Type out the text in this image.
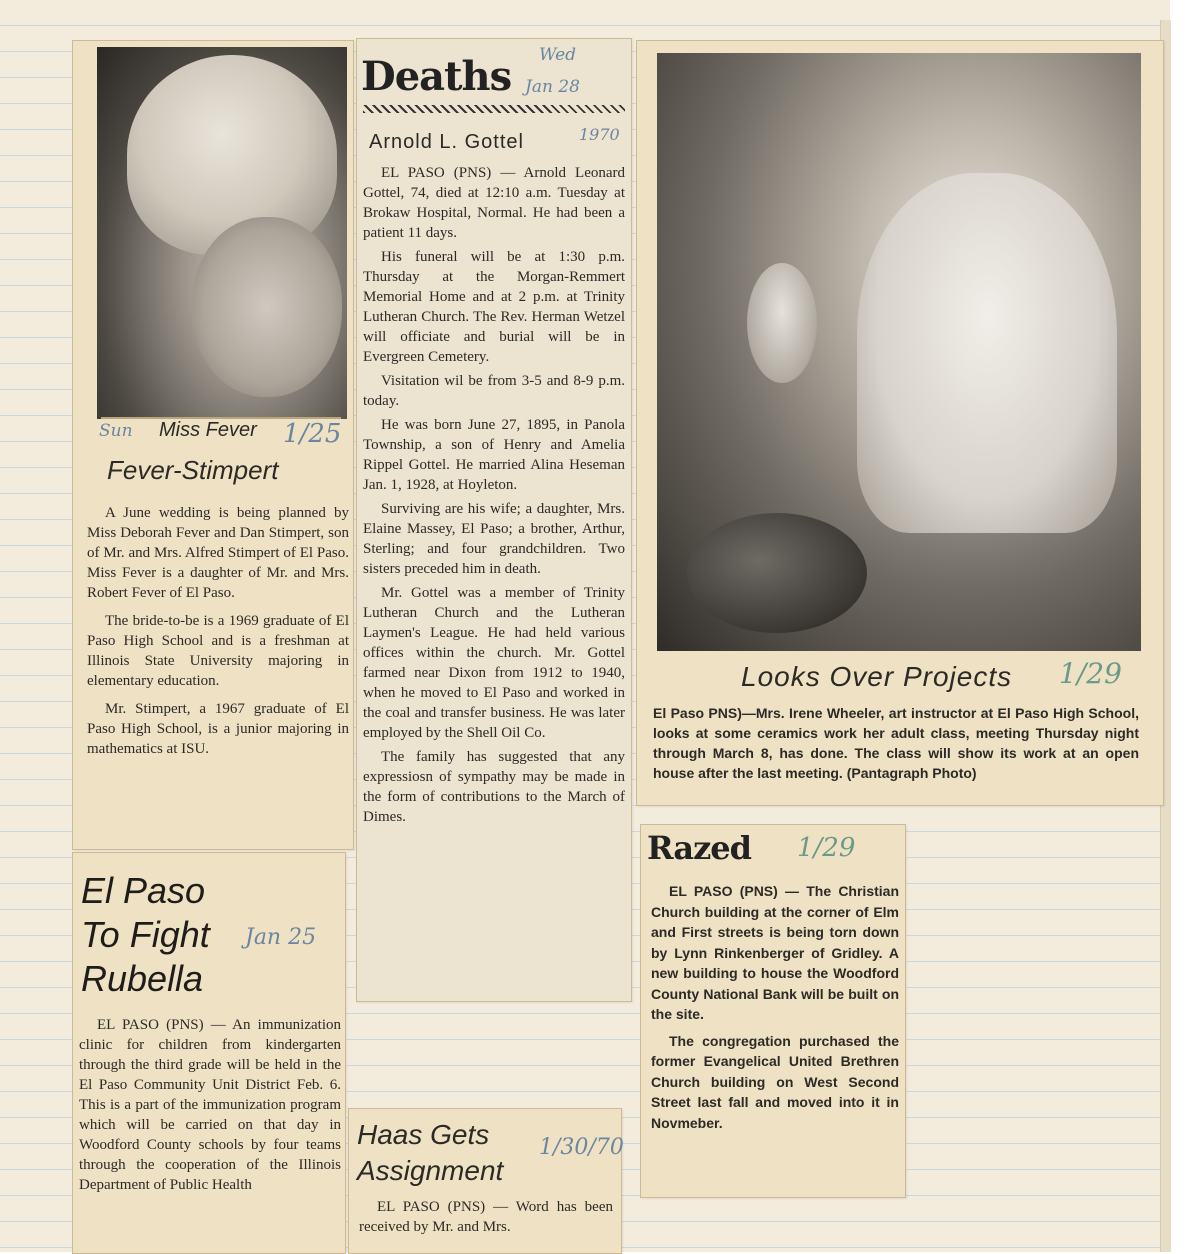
Sun Miss Fever 1/25
Fever-Stimpert

A June wedding is being planned by Miss Deborah Fever and Dan Stimpert, son of Mr. and Mrs. Alfred Stimpert of El Paso. Miss Fever is a daughter of Mr. and Mrs. Robert Fever of El Paso.

The bride-to-be is a 1969 graduate of El Paso High School and is a freshman at Illinois State University majoring in elementary education.

Mr. Stimpert, a 1967 graduate of El Paso High School, is a junior majoring in mathematics at ISU.

El Paso
To Fight
Rubella
Jan 25

EL PASO (PNS) — An immunization clinic for children from kindergarten through the third grade will be held in the El Paso Community Unit District Feb. 6. This is a part of the immunization program which will be carried on that day in Woodford County schools by four teams through the cooperation of the Illinois Department of Public Health

Deaths Wed
Jan 28
Arnold L. Gottel	1970

EL PASO (PNS) — Arnold Leonard Gottel, 74, died at 12:10 a.m. Tuesday at Brokaw Hospital, Normal. He had been a patient 11 days.

His funeral will be at 1:30 p.m. Thursday at the Morgan-Remmert Memorial Home and at 2 p.m. at Trinity Lutheran Church. The Rev. Herman Wetzel will officiate and burial will be in Evergreen Cemetery.

Visitation wil be from 3-5 and 8-9 p.m. today.

He was born June 27, 1895, in Panola Township, a son of Henry and Amelia Rippel Gottel. He married Alina Heseman Jan. 1, 1928, at Hoyleton.

Surviving are his wife; a daughter, Mrs. Elaine Massey, El Paso; a brother, Arthur, Sterling; and four grandchildren. Two sisters preceded him in death.

Mr. Gottel was a member of Trinity Lutheran Church and the Lutheran Laymen's League. He had held various offices within the church. Mr. Gottel farmed near Dixon from 1912 to 1940, when he moved to El Paso and worked in the coal and transfer business. He was later employed by the Shell Oil Co.

The family has suggested that any expressiosn of sympathy may be made in the form of contributions to the March of Dimes.

Haas Gets
Assignment
1/30/70

EL PASO (PNS) — Word has been received by Mr. and Mrs.

Looks Over Projects 1/29

El Paso PNS)—Mrs. Irene Wheeler, art instructor at El Paso High School, looks at some ceramics work her adult class, meeting Thursday night through March 8, has done. The class will show its work at an open house after the last meeting. (Pantagraph Photo)

Razed 1/29

EL PASO (PNS) — The Christian Church building at the corner of Elm and First streets is being torn down by Lynn Rinkenberger of Gridley. A new building to house the Woodford County National Bank will be built on the site.

The congregation purchased the former Evangelical United Brethren Church building on West Second Street last fall and moved into it in Novmeber.
